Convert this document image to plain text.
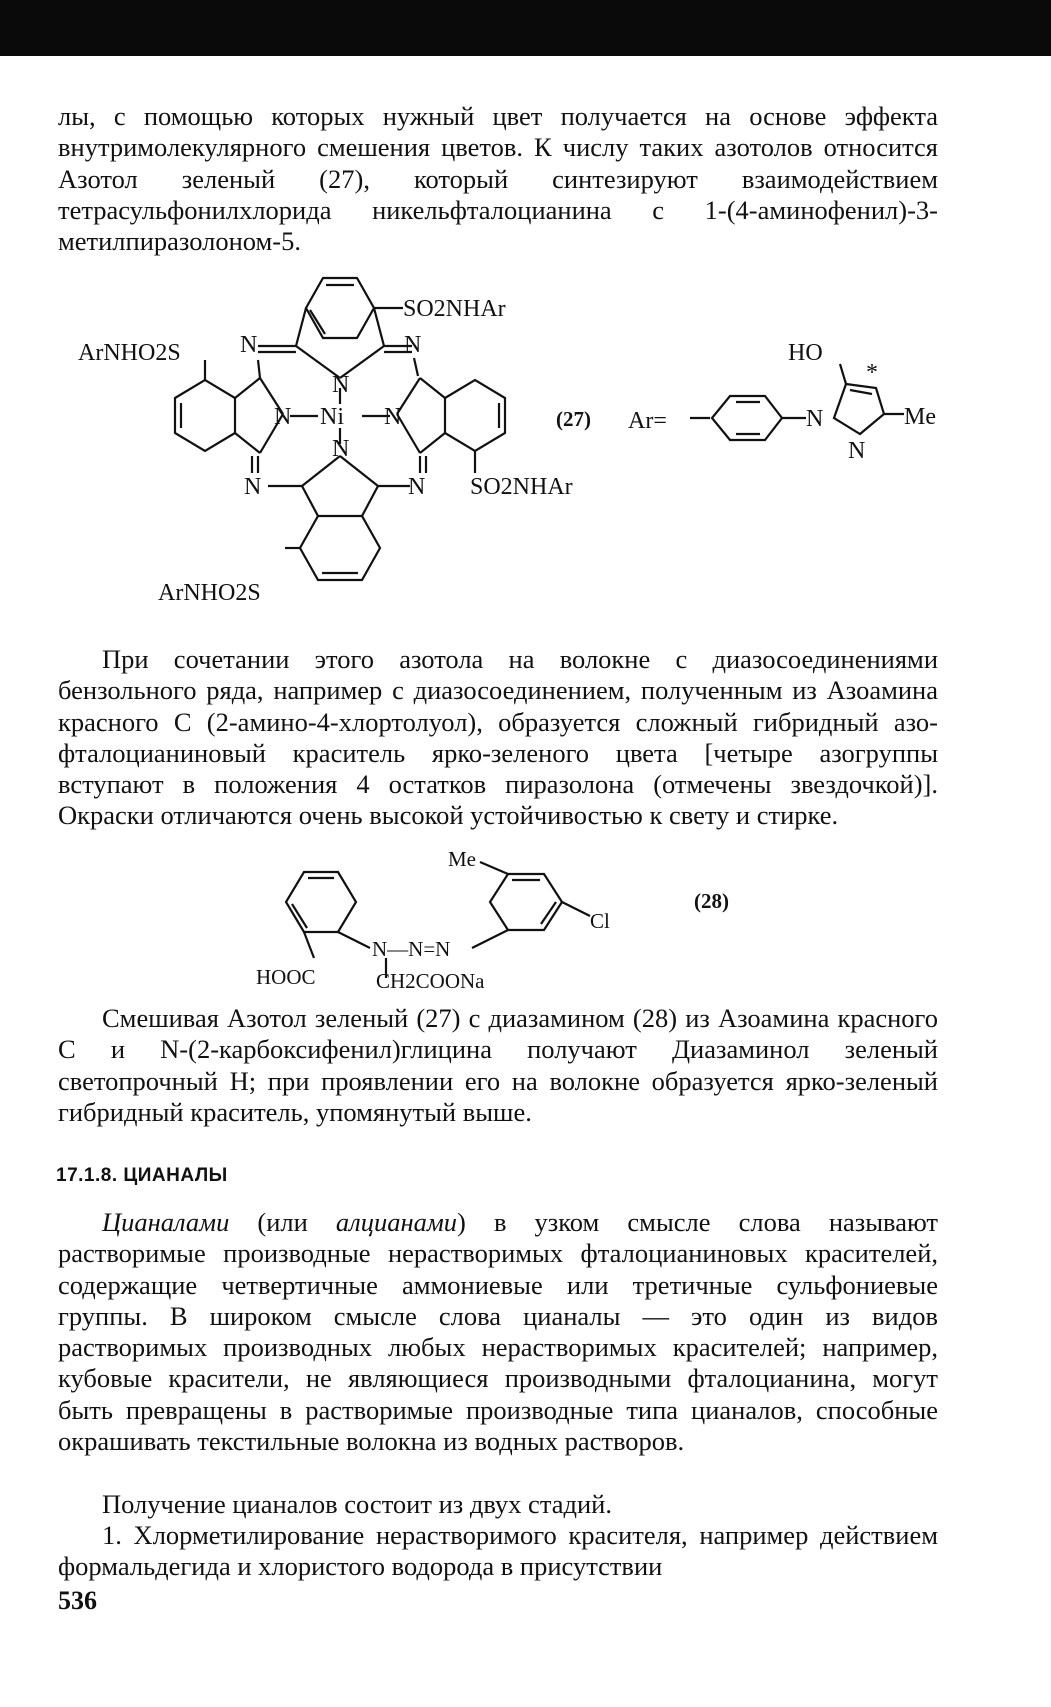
лы, с помощью которых нужный цвет получается на основе эффекта внутримолекулярного смешения цветов. К числу таких азотолов относится Азотол зеленый (27), который синтезируют взаимодействием тетрасульфонилхлорида никельфталоцианина с 1-(4-аминофенил)-3-метилпиразолоном-5.

SO2NHAr
ArNHO2S N	N
N
N Ni N
N
N	N SO2NHAr
ArNHO2S
(27) Ar=
HO
*
N
N
Me

При сочетании этого азотола на волокне с диазосоединениями бензольного ряда, например с диазосоединением, полученным из Азоамина красного С (2-амино-4-хлортолуол), образуется сложный гибридный азо-фталоцианиновый краситель ярко-зеленого цвета [четыре азогруппы вступают в положения 4 остатков пиразолона (отмечены звездочкой)]. Окраски отличаются очень высокой устойчивостью к свету и стирке.

Me
N—N=N
Cl
HOOC	CH2COONa
(28)

Смешивая Азотол зеленый (27) с диазамином (28) из Азоамина красного С и N-(2-карбоксифенил)глицина получают Диазаминол зеленый светопрочный Н; при проявлении его на волокне образуется ярко-зеленый гибридный краситель, упомянутый выше.

17.1.8. ЦИАНАЛЫ

Цианалами (или алцианами) в узком смысле слова называют растворимые производные нерастворимых фталоцианиновых красителей, содержащие четвертичные аммониевые или третичные сульфониевые группы. В широком смысле слова цианалы — это один из видов растворимых производных любых нерастворимых красителей; например, кубовые красители, не являющиеся производными фталоцианина, могут быть превращены в растворимые производные типа цианалов, способные окрашивать текстильные волокна из водных растворов.

Получение цианалов состоит из двух стадий.

1. Хлорметилирование нерастворимого красителя, например действием формальдегида и хлористого водорода в присутствии

536
